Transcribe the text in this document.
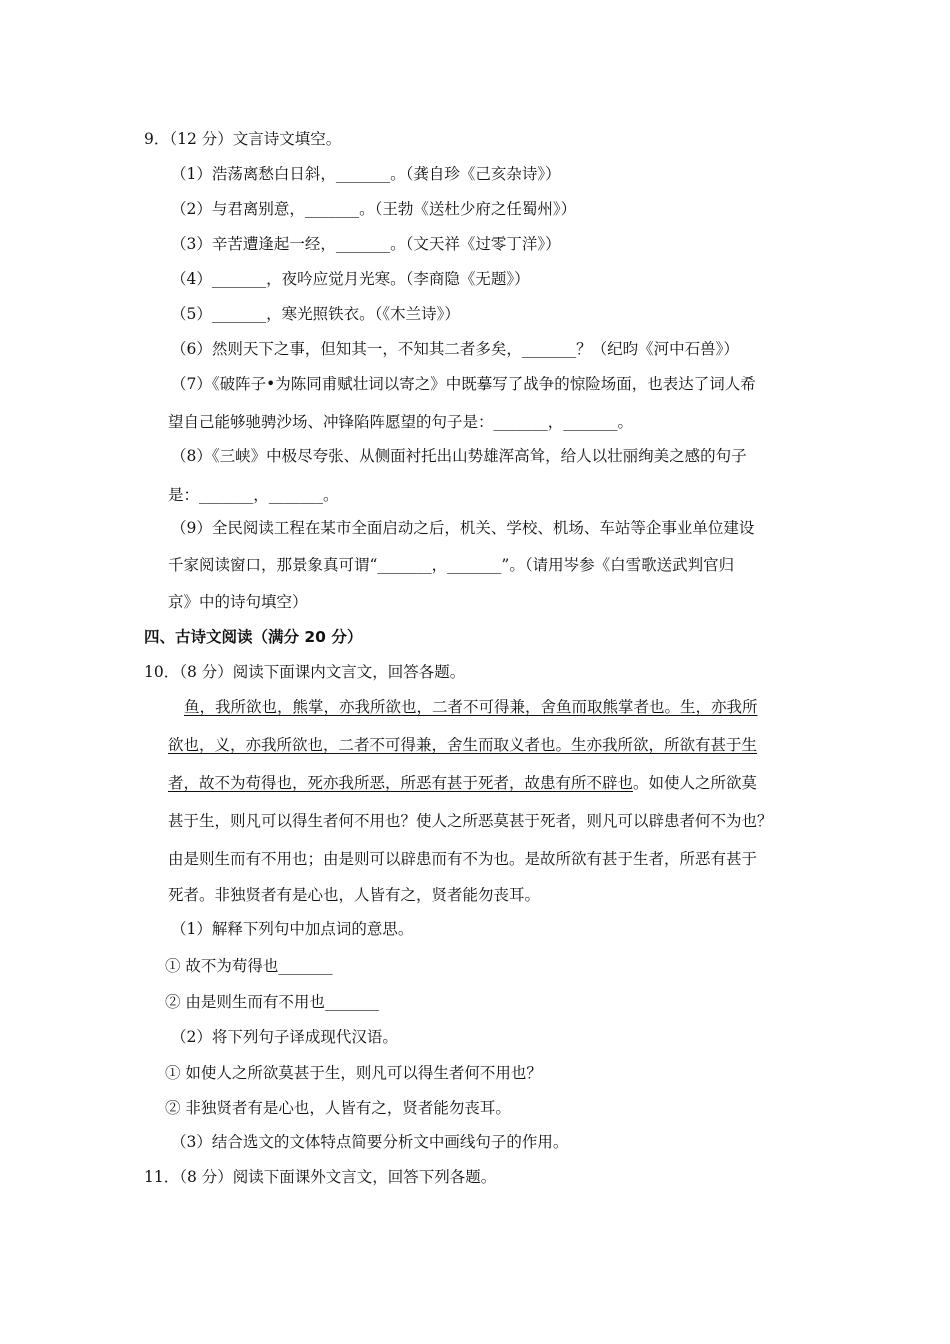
9．（12 分）文言诗文填空。
（1）浩荡离愁白日斜，_______。（龚自珍《己亥杂诗》）
（2）与君离别意，_______。（王勃《送杜少府之任蜀州》）
（3）辛苦遭逢起一经，_______。（文天祥《过零丁洋》）
（4）_______，夜吟应觉月光寒。（李商隐《无题》）
（5）_______，寒光照铁衣。（《木兰诗》）
（6）然则天下之事，但知其一，不知其二者多矣，_______？（纪昀《河中石兽》）
（7）《破阵子•为陈同甫赋壮词以寄之》中既摹写了战争的惊险场面，也表达了词人希
望自己能够驰骋沙场、冲锋陷阵愿望的句子是：_______，_______。
（8）《三峡》中极尽夸张、从侧面衬托出山势雄浑高耸，给人以壮丽绚美之感的句子
是：_______，_______。
（9）全民阅读工程在某市全面启动之后，机关、学校、机场、车站等企事业单位建设
千家阅读窗口，那景象真可谓“_______，_______”。（请用岑参《白雪歌送武判官归
京》中的诗句填空）
四、古诗文阅读（满分 20 分）
10．（8 分）阅读下面课内文言文，回答各题。
鱼，我所欲也，熊掌，亦我所欲也，二者不可得兼，舍鱼而取熊掌者也。生，亦我所
欲也，义，亦我所欲也，二者不可得兼，舍生而取义者也。生亦我所欲，所欲有甚于生
者，故不为苟得也，死亦我所恶，所恶有甚于死者，故患有所不辟也。如使人之所欲莫
甚于生，则凡可以得生者何不用也？使人之所恶莫甚于死者，则凡可以辟患者何不为也？
由是则生而有不用也；由是则可以辟患而有不为也。是故所欲有甚于生者，所恶有甚于
死者。非独贤者有是心也，人皆有之，贤者能勿丧耳。
（1）解释下列句中加点词的意思。
① 故不为苟得也_______
② 由是则生而有不用也_______
（2）将下列句子译成现代汉语。
① 如使人之所欲莫甚于生，则凡可以得生者何不用也？
② 非独贤者有是心也，人皆有之，贤者能勿丧耳。
（3）结合选文的文体特点简要分析文中画线句子的作用。
11．（8 分）阅读下面课外文言文，回答下列各题。
